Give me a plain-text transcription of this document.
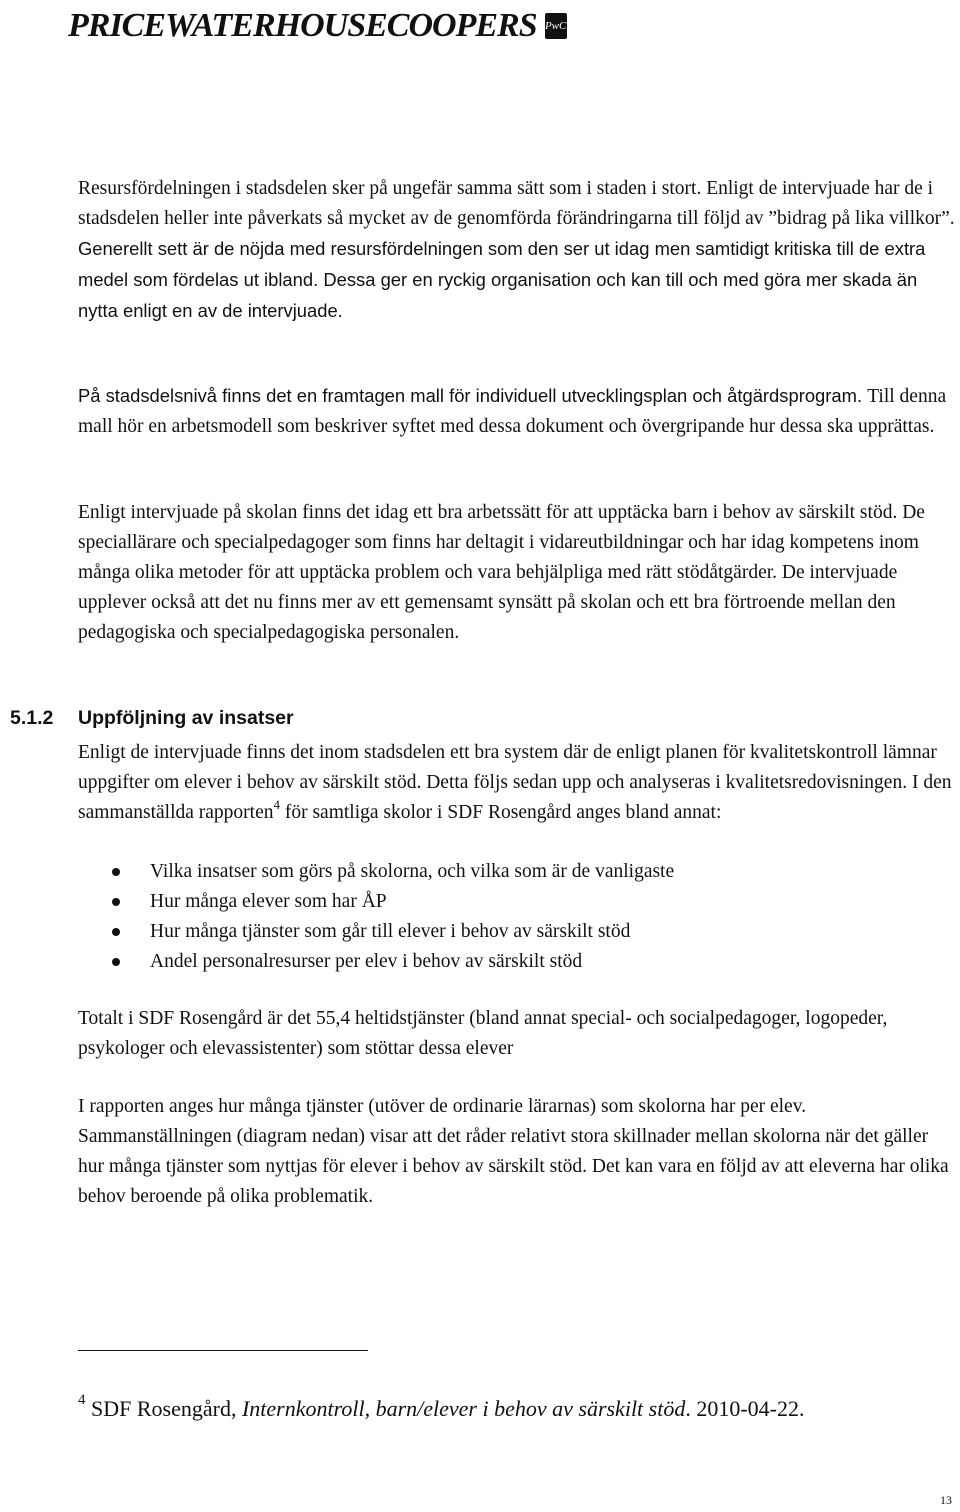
PRICEWATERHOUSECOOPERS PwC

Resursfördelningen i stadsdelen sker på ungefär samma sätt som i staden i stort. Enligt de intervjuade har de i stadsdelen heller inte påverkats så mycket av de genomförda förändringarna till följd av ”bidrag på lika villkor”. Generellt sett är de nöjda med resursfördelningen som den ser ut idag men samtidigt kritiska till de extra medel som fördelas ut ibland. Dessa ger en ryckig organisation och kan till och med göra mer skada än nytta enligt en av de intervjuade.

På stadsdelsnivå finns det en framtagen mall för individuell utvecklingsplan och åtgärdsprogram. Till denna mall hör en arbetsmodell som beskriver syftet med dessa dokument och övergripande hur dessa ska upprättas.

Enligt intervjuade på skolan finns det idag ett bra arbetssätt för att upptäcka barn i behov av särskilt stöd. De speciallärare och specialpedagoger som finns har deltagit i vidareutbildningar och har idag kompetens inom många olika metoder för att upptäcka problem och vara behjälpliga med rätt stödåtgärder. De intervjuade upplever också att det nu finns mer av ett gemensamt synsätt på skolan och ett bra förtroende mellan den pedagogiska och specialpedagogiska personalen.

5.1.2 Uppföljning av insatser

Enligt de intervjuade finns det inom stadsdelen ett bra system där de enligt planen för kvalitetskontroll lämnar uppgifter om elever i behov av särskilt stöd. Detta följs sedan upp och analyseras i kvalitetsredovisningen. I den sammanställda rapporten$^4$ för samtliga skolor i SDF Rosengård anges bland annat:

Vilka insatser som görs på skolorna, och vilka som är de vanligaste
Hur många elever som har ÅP
Hur många tjänster som går till elever i behov av särskilt stöd
Andel personalresurser per elev i behov av särskilt stöd

Totalt i SDF Rosengård är det 55,4 heltidstjänster (bland annat special- och socialpedagoger, logopeder, psykologer och elevassistenter) som stöttar dessa elever

I rapporten anges hur många tjänster (utöver de ordinarie lärarnas) som skolorna har per elev. Sammanställningen (diagram nedan) visar att det råder relativt stora skillnader mellan skolorna när det gäller hur många tjänster som nyttjas för elever i behov av särskilt stöd. Det kan vara en följd av att eleverna har olika behov beroende på olika problematik.

$^4$ SDF Rosengård, Internkontroll, barn/elever i behov av särskilt stöd. 2010-04-22.

13
